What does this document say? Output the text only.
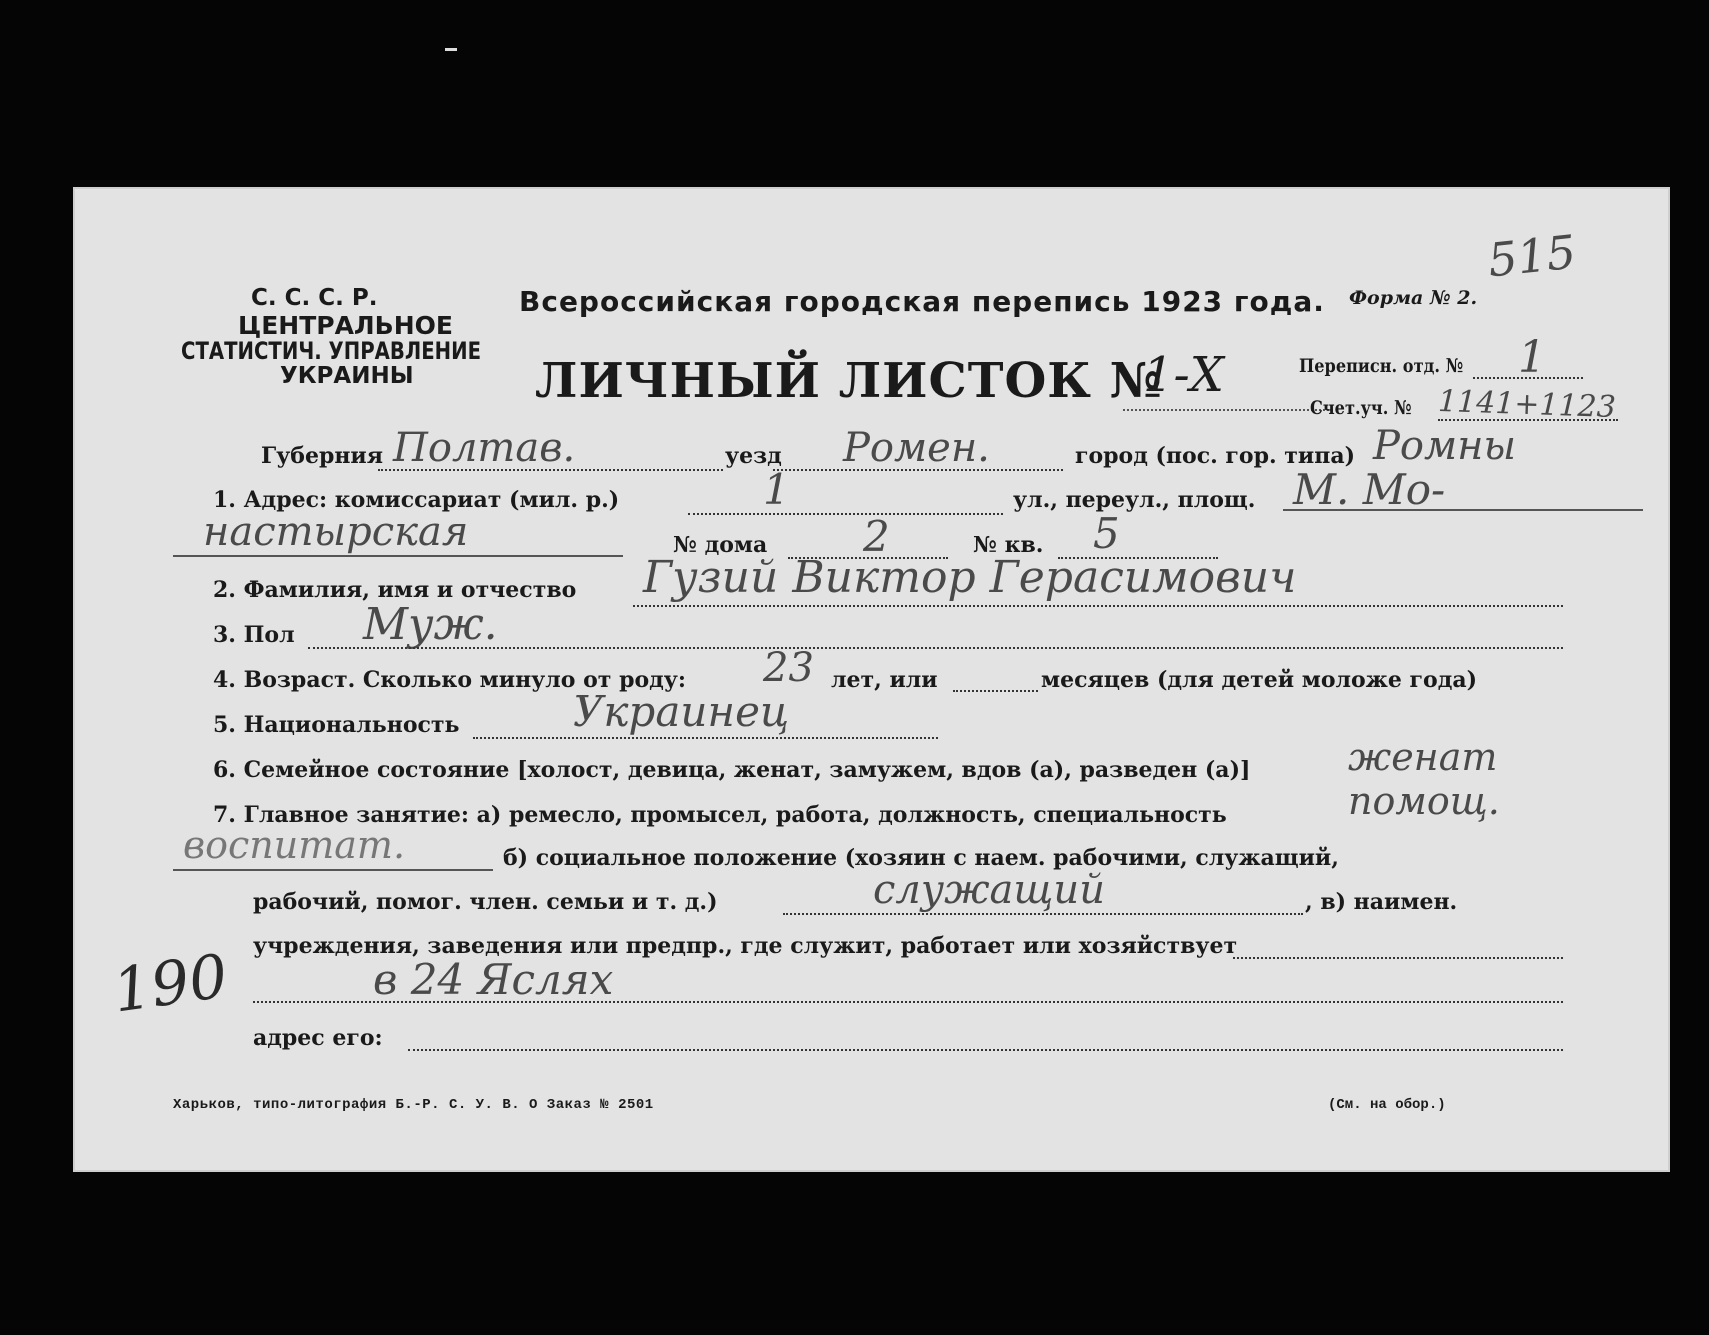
С. С. С. Р.
ЦЕНТРАЛЬНОЕ
СТАТИСТИЧ. УПРАВЛЕНИЕ
УКРАИНЫ
Всероссийская городская перепись 1923 года. Форма № 2.
515
ЛИЧНЫЙ ЛИСТОК №
1-Х	Переписн. отд. № 1
Счет.уч. № 1141+1123
Губерния Полтав.	уезд Ромен.	город (пос. гор. типа) Ромны
1. Адрес: комиссариат (мил. р.)	1	ул., переул., площ. М. Мо-
настырская	№ дома 2	№ кв. 5
2. Фамилия, имя и отчество Гузий Виктор Герасимович
3. Пол Муж.
4. Возраст. Сколько минуло от роду: 23 лет, или	месяцев (для детей моложе года)
5. Национальность	Украинец
6. Семейное состояние [холост, девица, женат, замужем, вдов (а), разведен (а)]	женат
7. Главное занятие: а) ремесло, промысел, работа, должность, специальность	помощ.
воспитат.	б) социальное положение (хозяин с наем. рабочими, служащий,
рабочий, помог. член. семьи и т. д.)	служащий	, в) наимен.
учреждения, заведения или предпр., где служит, работает или хозяйствует
в 24 Яслях
адрес его:
190
Харьков, типо-литография Б.-Р. С. У. В. О Заказ № 2501	(См. на обор.)
